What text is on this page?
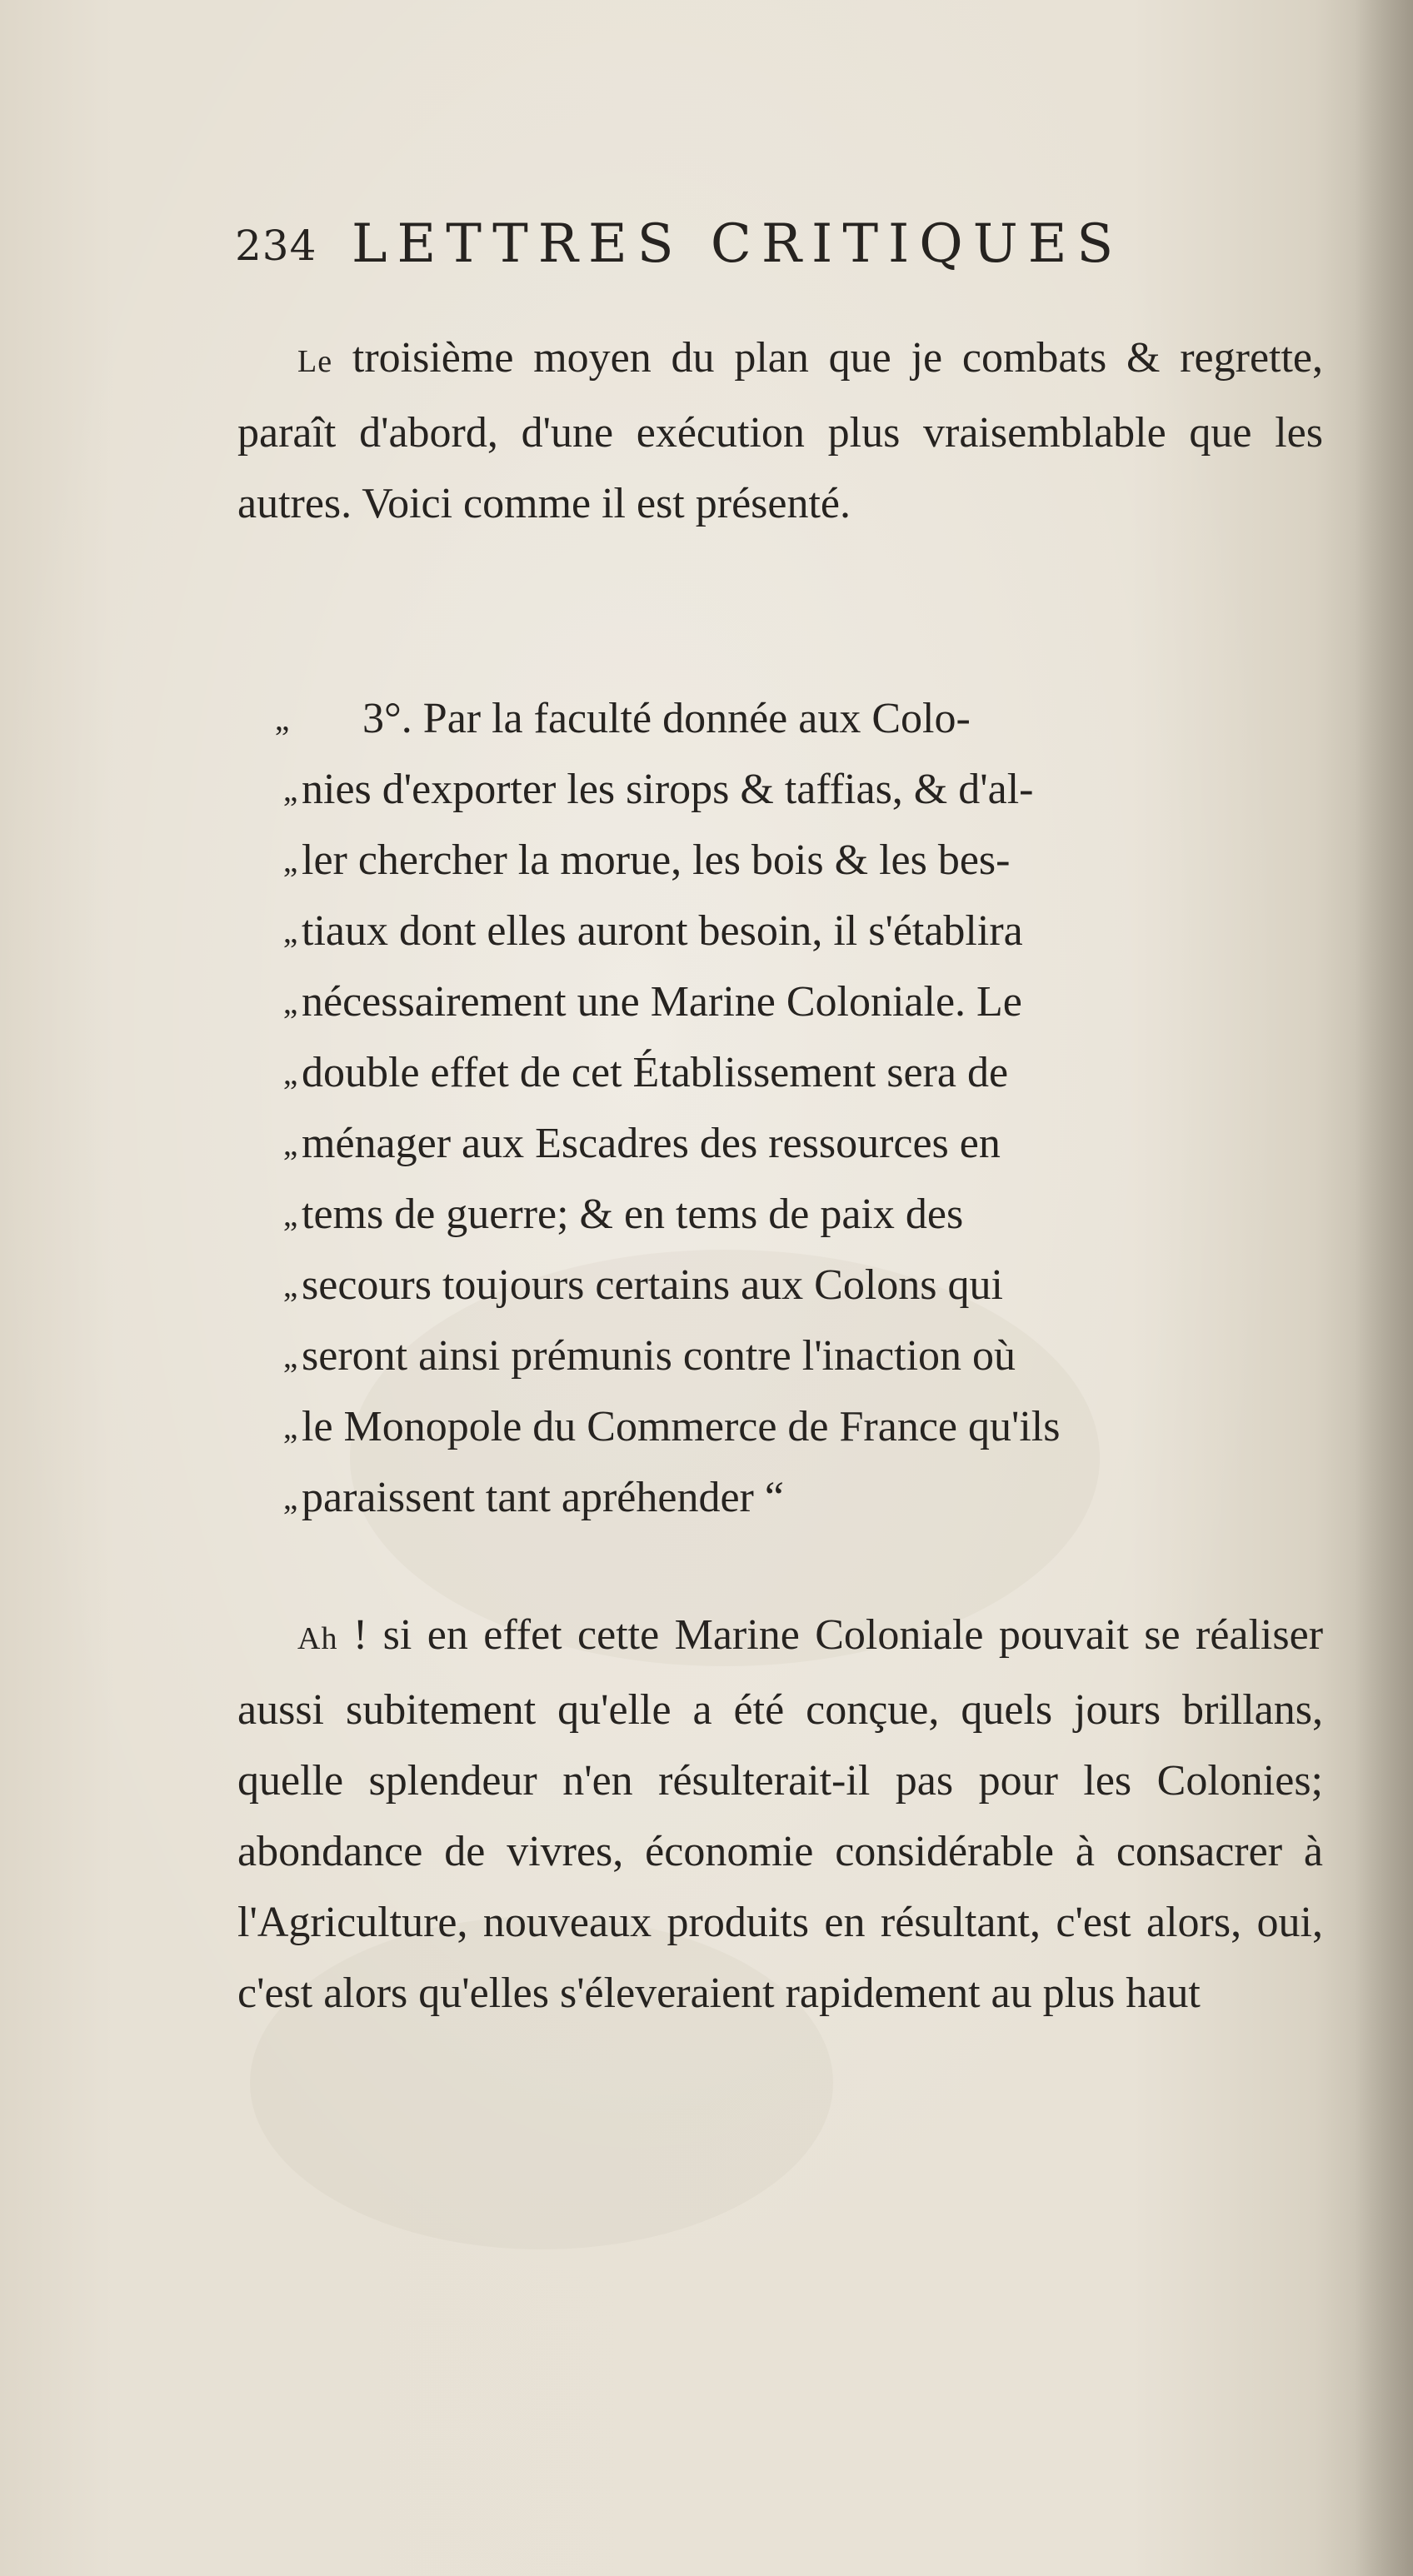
234 LETTRES CRITIQUES

Le troisième moyen du plan que je combats & regrette, paraît d'abord, d'une exécution plus vraisemblable que les autres. Voici comme il est présenté.

,,	3°. Par la faculté donnée aux Colo-
,, nies d'exporter les sirops & taffias, & d'al-
,, ler chercher la morue, les bois & les bes-
,, tiaux dont elles auront besoin, il s'établira
,, nécessairement une Marine Coloniale. Le
,, double effet de cet Établissement sera de
,, ménager aux Escadres des ressources en
,, tems de guerre; & en tems de paix des
,, secours toujours certains aux Colons qui
,, seront ainsi prémunis contre l'inaction où
,, le Monopole du Commerce de France qu'ils
,, paraissent tant apréhender “

Ah ! si en effet cette Marine Coloniale pouvait se réaliser aussi subitement qu'elle a été conçue, quels jours brillans, quelle splendeur n'en résulterait-il pas pour les Colonies; abondance de vivres, économie considérable à consacrer à l'Agriculture, nouveaux produits en résultant, c'est alors, oui, c'est alors qu'elles s'éleveraient rapidement au plus haut
